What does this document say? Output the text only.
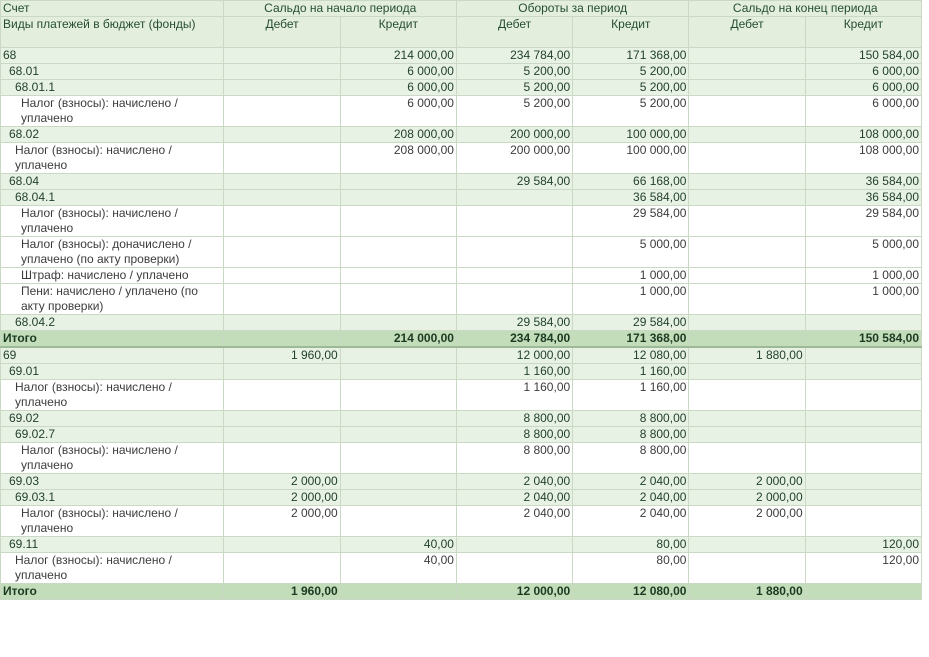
Счет	Сальдо на начало периода		Обороты за период		Сальдо на конец периода	
Виды платежей в бюджет (фонды)	Дебет	Кредит	Дебет	Кредит	Дебет	Кредит
68		214 000,00	234 784,00	171 368,00		150 584,00
68.01		6 000,00	5 200,00	5 200,00		6 000,00
68.01.1		6 000,00	5 200,00	5 200,00		6 000,00
Налог (взносы): начислено / уплачено		6 000,00	5 200,00	5 200,00		6 000,00
68.02		208 000,00	200 000,00	100 000,00		108 000,00
Налог (взносы): начислено / уплачено		208 000,00	200 000,00	100 000,00		108 000,00
68.04			29 584,00	66 168,00		36 584,00
68.04.1				36 584,00		36 584,00
Налог (взносы): начислено / уплачено				29 584,00		29 584,00
Налог (взносы): доначислено / уплачено (по акту проверки)				5 000,00		5 000,00
Штраф: начислено / уплачено				1 000,00		1 000,00
Пени: начислено / уплачено (по акту проверки)				1 000,00		1 000,00
68.04.2			29 584,00	29 584,00		
Итого		214 000,00	234 784,00	171 368,00		150 584,00
69	1 960,00		12 000,00	12 080,00	1 880,00	
69.01			1 160,00	1 160,00		
Налог (взносы): начислено / уплачено			1 160,00	1 160,00		
69.02			8 800,00	8 800,00		
69.02.7			8 800,00	8 800,00		
Налог (взносы): начислено / уплачено			8 800,00	8 800,00		
69.03	2 000,00		2 040,00	2 040,00	2 000,00	
69.03.1	2 000,00		2 040,00	2 040,00	2 000,00	
Налог (взносы): начислено / уплачено	2 000,00		2 040,00	2 040,00	2 000,00	
69.11		40,00		80,00		120,00
Налог (взносы): начислено / уплачено		40,00		80,00		120,00
Итого	1 960,00		12 000,00	12 080,00	1 880,00	
